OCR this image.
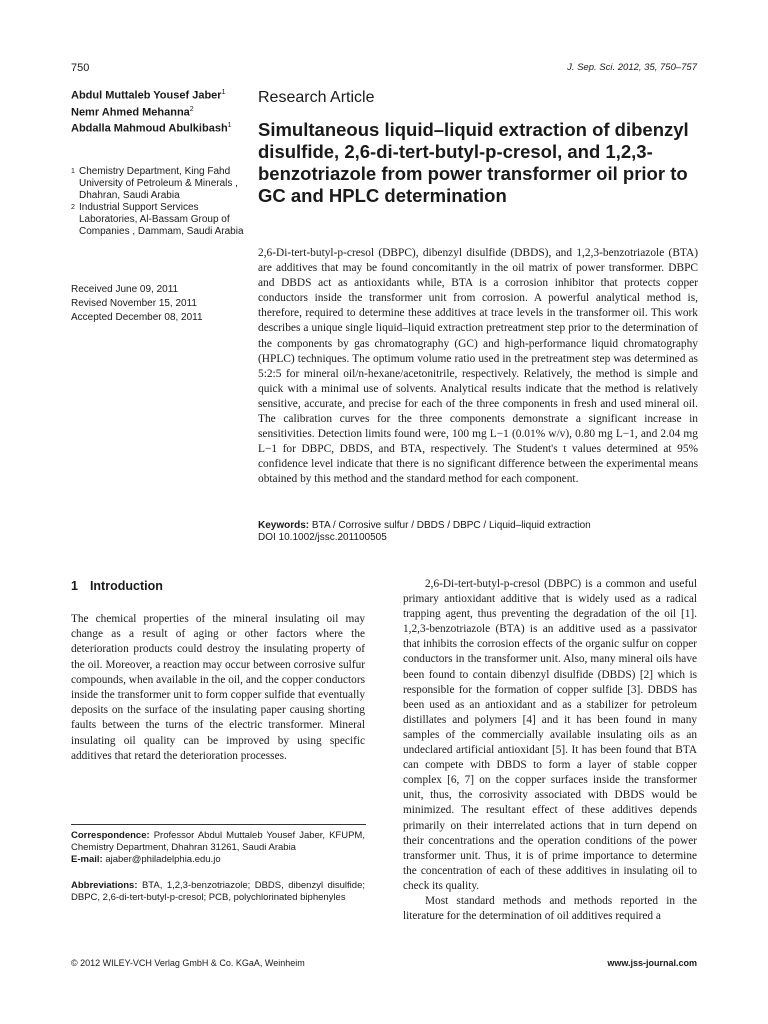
750	J. Sep. Sci. 2012, 35, 750–757
Abdul Muttaleb Yousef Jaber$^1$
Nemr Ahmed Mehanna$^2$
Abdalla Mahmoud Abulkibash$^1$
1 Chemistry Department, King Fahd University of Petroleum & Minerals , Dhahran, Saudi Arabia
2 Industrial Support Services Laboratories, Al-Bassam Group of Companies , Dammam, Saudi Arabia
Received June 09, 2011
Revised November 15, 2011
Accepted December 08, 2011
Research Article
Simultaneous liquid–liquid extraction of dibenzyl disulfide, 2,6-di-tert-butyl-p-cresol, and 1,2,3-benzotriazole from power transformer oil prior to GC and HPLC determination

2,6-Di-tert-butyl-p-cresol (DBPC), dibenzyl disulfide (DBDS), and 1,2,3-benzotriazole (BTA) are additives that may be found concomitantly in the oil matrix of power transformer. DBPC and DBDS act as antioxidants while, BTA is a corrosion inhibitor that protects copper conductors inside the transformer unit from corrosion. A powerful analytical method is, therefore, required to determine these additives at trace levels in the transformer oil. This work describes a unique single liquid–liquid extraction pretreatment step prior to the determination of the components by gas chromatography (GC) and high-performance liquid chromatography (HPLC) techniques. The optimum volume ratio used in the pretreatment step was determined as 5:2:5 for mineral oil/n-hexane/acetonitrile, respectively. Relatively, the method is simple and quick with a minimal use of solvents. Analytical results indicate that the method is relatively sensitive, accurate, and precise for each of the three components in fresh and used mineral oil. The calibration curves for the three components demonstrate a significant increase in sensitivities. Detection limits found were, 100 mg L−1 (0.01% w/v), 0.80 mg L−1, and 2.04 mg L−1 for DBPC, DBDS, and BTA, respectively. The Student's t values determined at 95% confidence level indicate that there is no significant difference between the experimental means obtained by this method and the standard method for each component.

Keywords: BTA / Corrosive sulfur / DBDS / DBPC / Liquid–liquid extraction
DOI 10.1002/jssc.201100505
1 Introduction

The chemical properties of the mineral insulating oil may change as a result of aging or other factors where the deterioration products could destroy the insulating property of the oil. Moreover, a reaction may occur between corrosive sulfur compounds, when available in the oil, and the copper conductors inside the transformer unit to form copper sulfide that eventually deposits on the surface of the insulating paper causing shorting faults between the turns of the electric transformer. Mineral insulating oil quality can be improved by using specific additives that retard the deterioration processes.

Correspondence: Professor Abdul Muttaleb Yousef Jaber, KFUPM, Chemistry Department, Dhahran 31261, Saudi Arabia
E-mail: ajaber@philadelphia.edu.jo
Abbreviations: BTA, 1,2,3-benzotriazole; DBDS, dibenzyl disulfide; DBPC, 2,6-di-tert-butyl-p-cresol; PCB, polychlorinated biphenyles

2,6-Di-tert-butyl-p-cresol (DBPC) is a common and useful primary antioxidant additive that is widely used as a radical trapping agent, thus preventing the degradation of the oil [1]. 1,2,3-benzotriazole (BTA) is an additive used as a passivator that inhibits the corrosion effects of the organic sulfur on copper conductors in the transformer unit. Also, many mineral oils have been found to contain dibenzyl disulfide (DBDS) [2] which is responsible for the formation of copper sulfide [3]. DBDS has been used as an antioxidant and as a stabilizer for petroleum distillates and polymers [4] and it has been found in many samples of the commercially available insulating oils as an undeclared artificial antioxidant [5]. It has been found that BTA can compete with DBDS to form a layer of stable copper complex [6, 7] on the copper surfaces inside the transformer unit, thus, the corrosivity associated with DBDS would be minimized. The resultant effect of these additives depends primarily on their interrelated actions that in turn depend on their concentrations and the operation conditions of the power transformer unit. Thus, it is of prime importance to determine the concentration of each of these additives in insulating oil to check its quality.

Most standard methods and methods reported in the literature for the determination of oil additives required a

© 2012 WILEY-VCH Verlag GmbH & Co. KGaA, Weinheim	www.jss-journal.com
